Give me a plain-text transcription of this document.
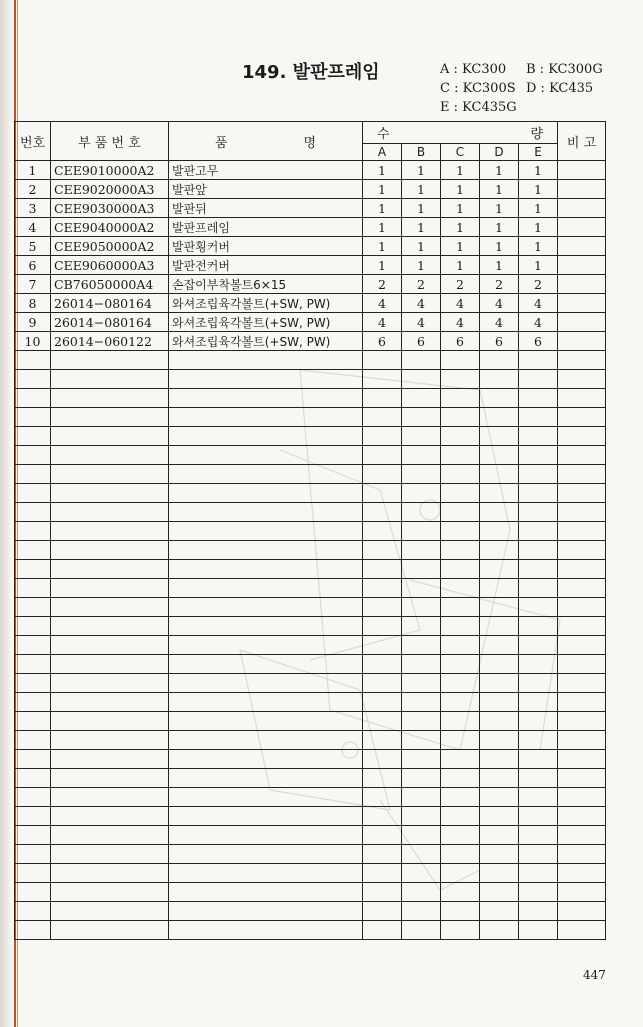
149. 발판프레임	A : KC300 B : KC300G
C : KC300S D : KC435
E : KC435G
번호	부 품 번 호	품 명	수 량					비 고
			A	B	C	D	E	
1	CEE9010000A2	발판고무	1	1	1	1	1	
2	CEE9020000A3	발판앞	1	1	1	1	1	
3	CEE9030000A3	발판뒤	1	1	1	1	1	
4	CEE9040000A2	발판프레임	1	1	1	1	1	
5	CEE9050000A2	발판횡커버	1	1	1	1	1	
6	CEE9060000A3	발판전커버	1	1	1	1	1	
7	CB76050000A4	손잡이부착볼트6×15	2	2	2	2	2	
8	26014−080164	와셔조립육각볼트(+SW, PW)	4	4	4	4	4	
9	26014−080164	와셔조립육각볼트(+SW, PW)	4	4	4	4	4	
10	26014−060122	와셔조립육각볼트(+SW, PW)	6	6	6	6	6	

447
